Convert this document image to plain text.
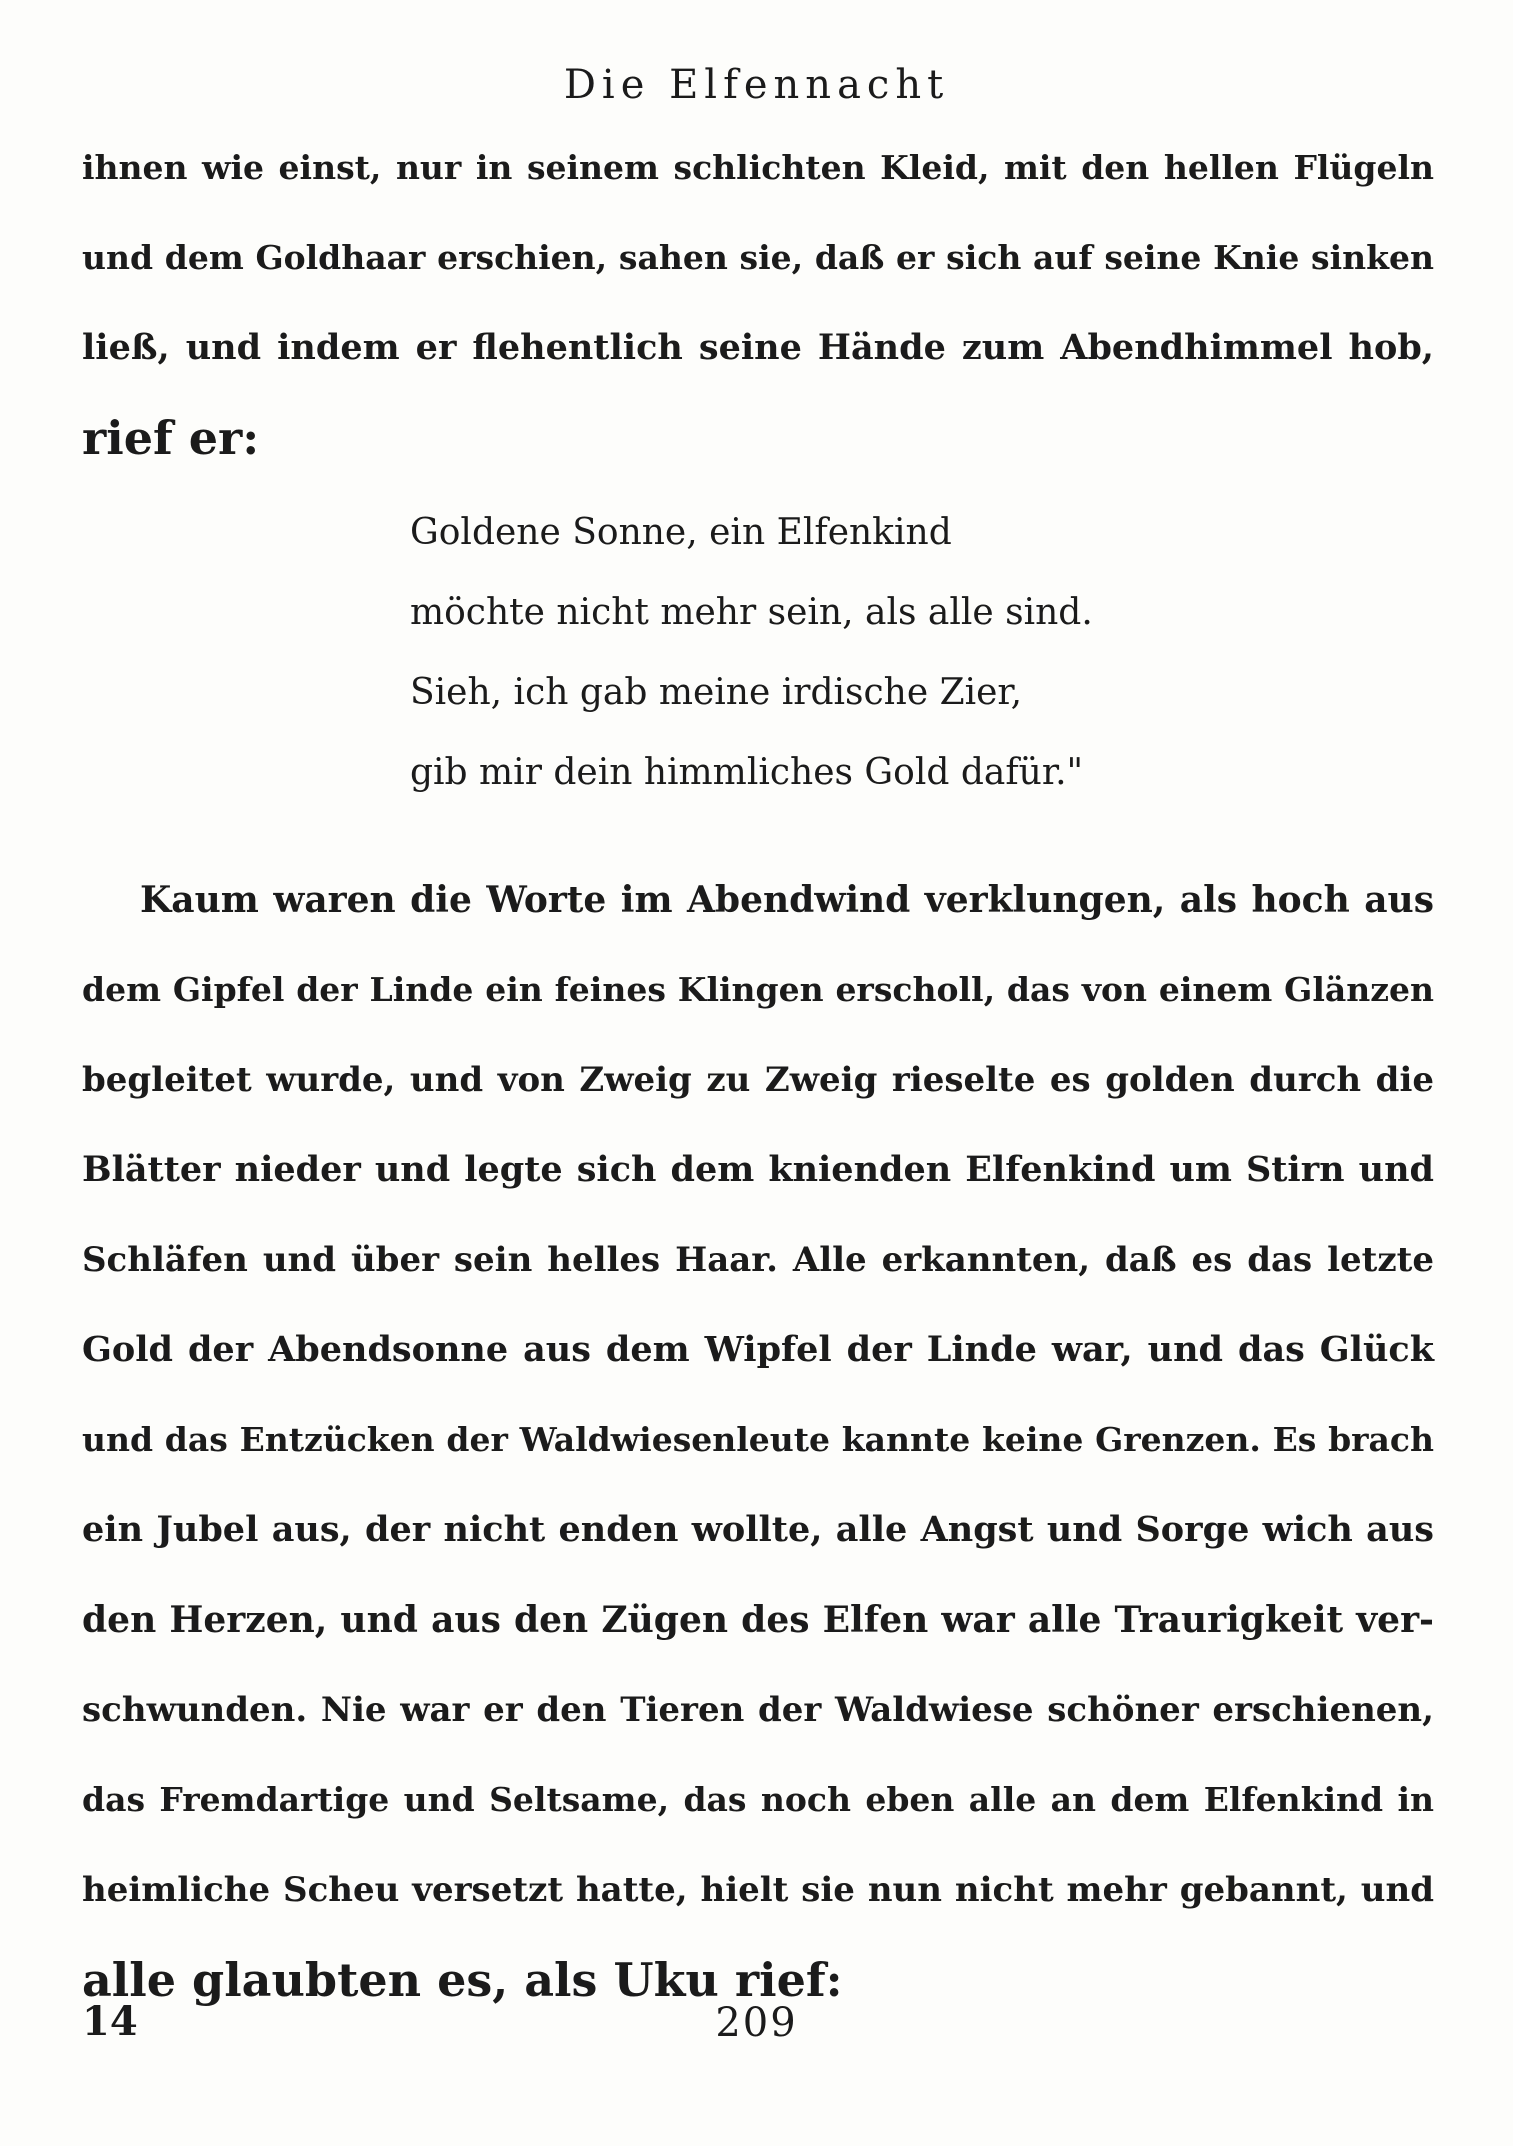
Die Elfennacht
ihnen wie einst, nur in seinem schlichten Kleid, mit den hellen Flügeln
und dem Goldhaar erschien, sahen sie, daß er sich auf seine Knie sinken
ließ, und indem er flehentlich seine Hände zum Abendhimmel hob,
rief er:
Goldene Sonne, ein Elfenkind
möchte nicht mehr sein, als alle sind.
Sieh, ich gab meine irdische Zier,
gib mir dein himmliches Gold dafür."
Kaum waren die Worte im Abendwind verklungen, als hoch aus
dem Gipfel der Linde ein feines Klingen erscholl, das von einem Glänzen
begleitet wurde, und von Zweig zu Zweig rieselte es golden durch die
Blätter nieder und legte sich dem knienden Elfenkind um Stirn und
Schläfen und über sein helles Haar. Alle erkannten, daß es das letzte
Gold der Abendsonne aus dem Wipfel der Linde war, und das Glück
und das Entzücken der Waldwiesenleute kannte keine Grenzen. Es brach
ein Jubel aus, der nicht enden wollte, alle Angst und Sorge wich aus
den Herzen, und aus den Zügen des Elfen war alle Traurigkeit ver-
schwunden. Nie war er den Tieren der Waldwiese schöner erschienen,
das Fremdartige und Seltsame, das noch eben alle an dem Elfenkind in
heimliche Scheu versetzt hatte, hielt sie nun nicht mehr gebannt, und
alle glaubten es, als Uku rief:
14	209
